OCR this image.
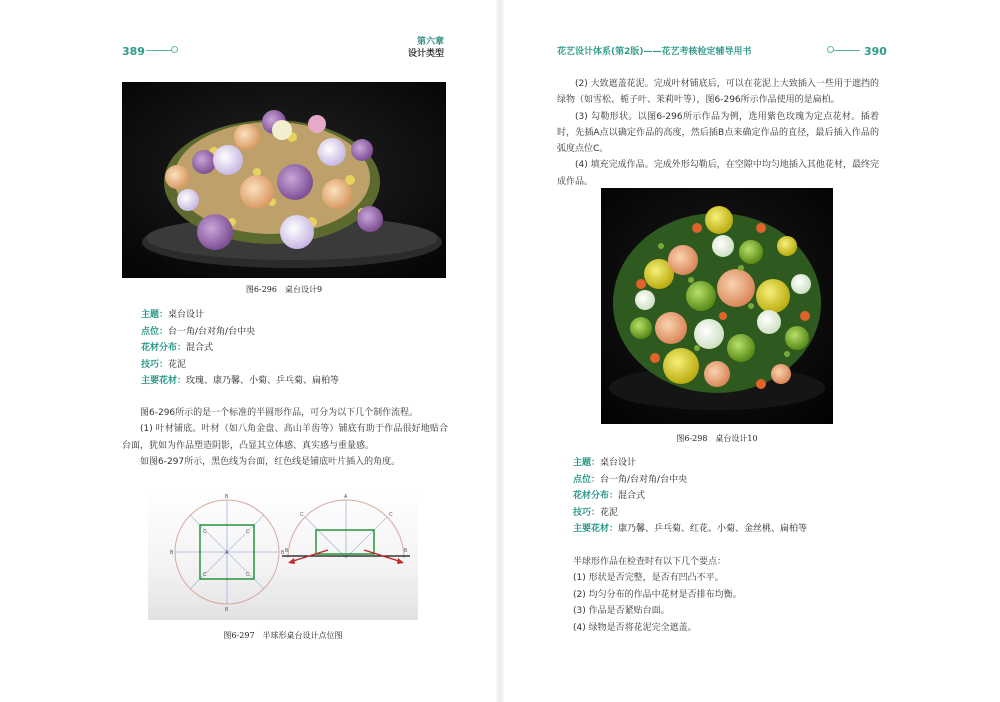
389
第六章
设计类型
图6-296　桌台设计9
主题：桌台设计
点位：台一角/台对角/台中央
花材分布：混合式
技巧：花泥
主要花材：玫瑰、康乃馨、小菊、乒乓菊、扁柏等

图6-296所示的是一个标准的半圆形作品，可分为以下几个制作流程。

(1) 叶材铺底。叶材（如八角金盘、高山羊齿等）铺底有助于作品很好地贴合台面，犹如为作品塑造阴影，凸显其立体感、真实感与重量感。

如图6-297所示，黑色线为台面，红色线是铺底叶片插入的角度。

B
B
B	B
A
C	C
C	C
A
C	C
B	B
图6-297　半球形桌台设计点位图
花艺设计体系(第2版)——花艺考核检定辅导用书	390

(2) 大致遮盖花泥。完成叶材铺底后，可以在花泥上大致插入一些用于遮挡的绿物（如雪松、栀子叶、茉莉叶等），图6-296所示作品使用的是扁柏。

(3) 勾勒形状。以图6-296所示作品为例，选用紫色玫瑰为定点花材。插着时，先插A点以确定作品的高度，然后插B点来确定作品的直径，最后插入作品的弧度点位C。

(4) 填充完成作品。完成外形勾勒后，在空隙中均匀地插入其他花材，最终完成作品。

图6-298　桌台设计10
主题：桌台设计
点位：台一角/台对角/台中央
花材分布：混合式
技巧：花泥
主要花材：康乃馨、乒乓菊、红花、小菊、金丝桃、扁柏等

半球形作品在检查时有以下几个要点：

(1) 形状是否完整，是否有凹凸不平。

(2) 均匀分布的作品中花材是否排布均衡。

(3) 作品是否紧贴台面。

(4) 绿物是否将花泥完全遮盖。
